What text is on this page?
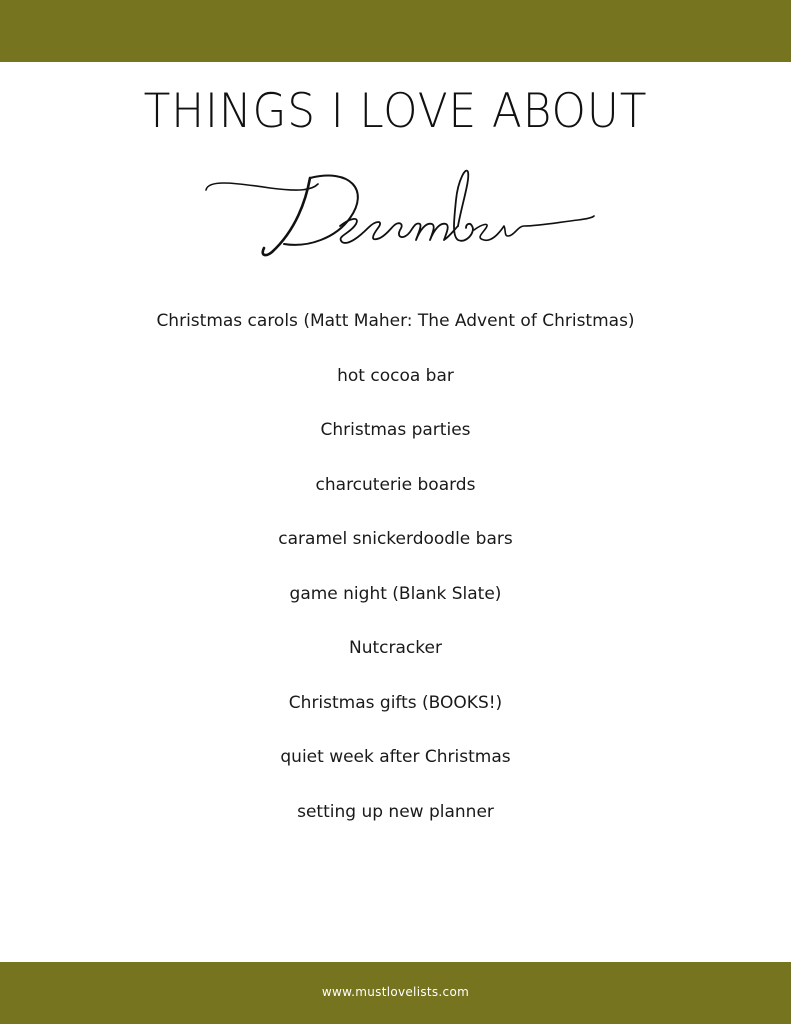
THINGS I LOVE ABOUT
Christmas carols (Matt Maher: The Advent of Christmas)
hot cocoa bar
Christmas parties
charcuterie boards
caramel snickerdoodle bars
game night (Blank Slate)
Nutcracker
Christmas gifts (BOOKS!)
quiet week after Christmas
setting up new planner
www.mustlovelists.com
